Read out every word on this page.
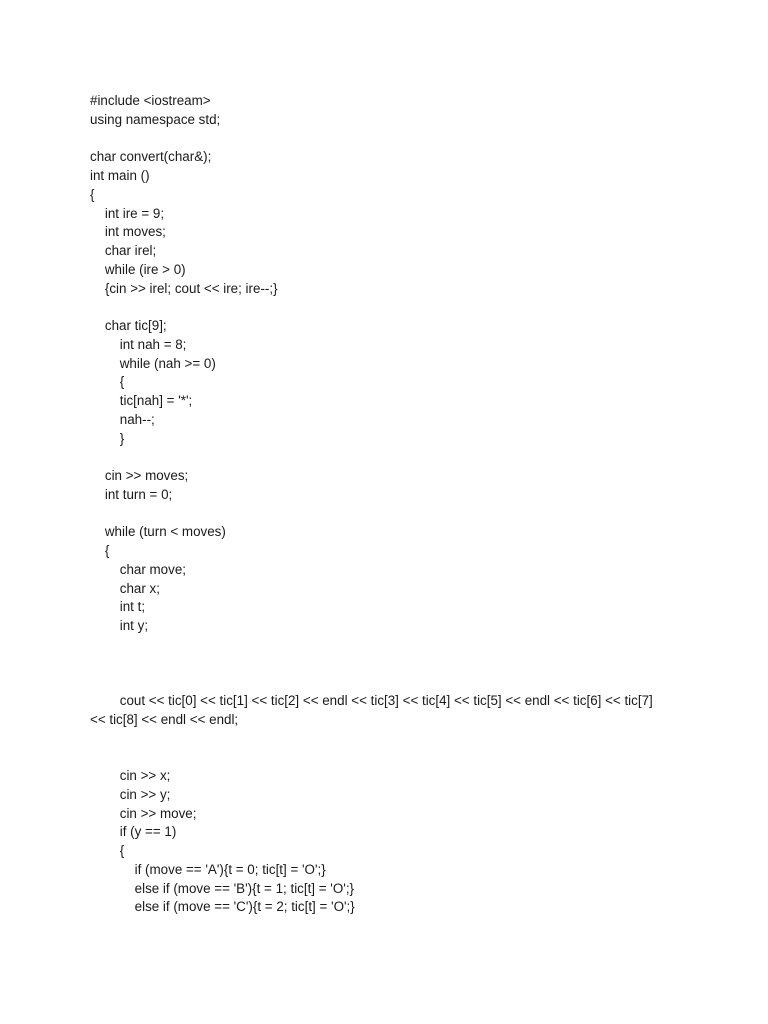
#include <iostream>
using namespace std;
char convert(char&);
int main ()
{
int ire = 9;
int moves;
char irel;
while (ire > 0)
{cin >> irel; cout << ire; ire--;}
char tic[9];
int nah = 8;
while (nah >= 0)
{
tic[nah] = '*';
nah--;
}
cin >> moves;
int turn = 0;
while (turn < moves)
{
char move;
char x;
int t;
int y;
cout << tic[0] << tic[1] << tic[2] << endl << tic[3] << tic[4] << tic[5] << endl << tic[6] << tic[7]
<< tic[8] << endl << endl;
cin >> x;
cin >> y;
cin >> move;
if (y == 1)
{
if (move == 'A'){t = 0; tic[t] = 'O';}
else if (move == 'B'){t = 1; tic[t] = 'O';}
else if (move == 'C'){t = 2; tic[t] = 'O';}
